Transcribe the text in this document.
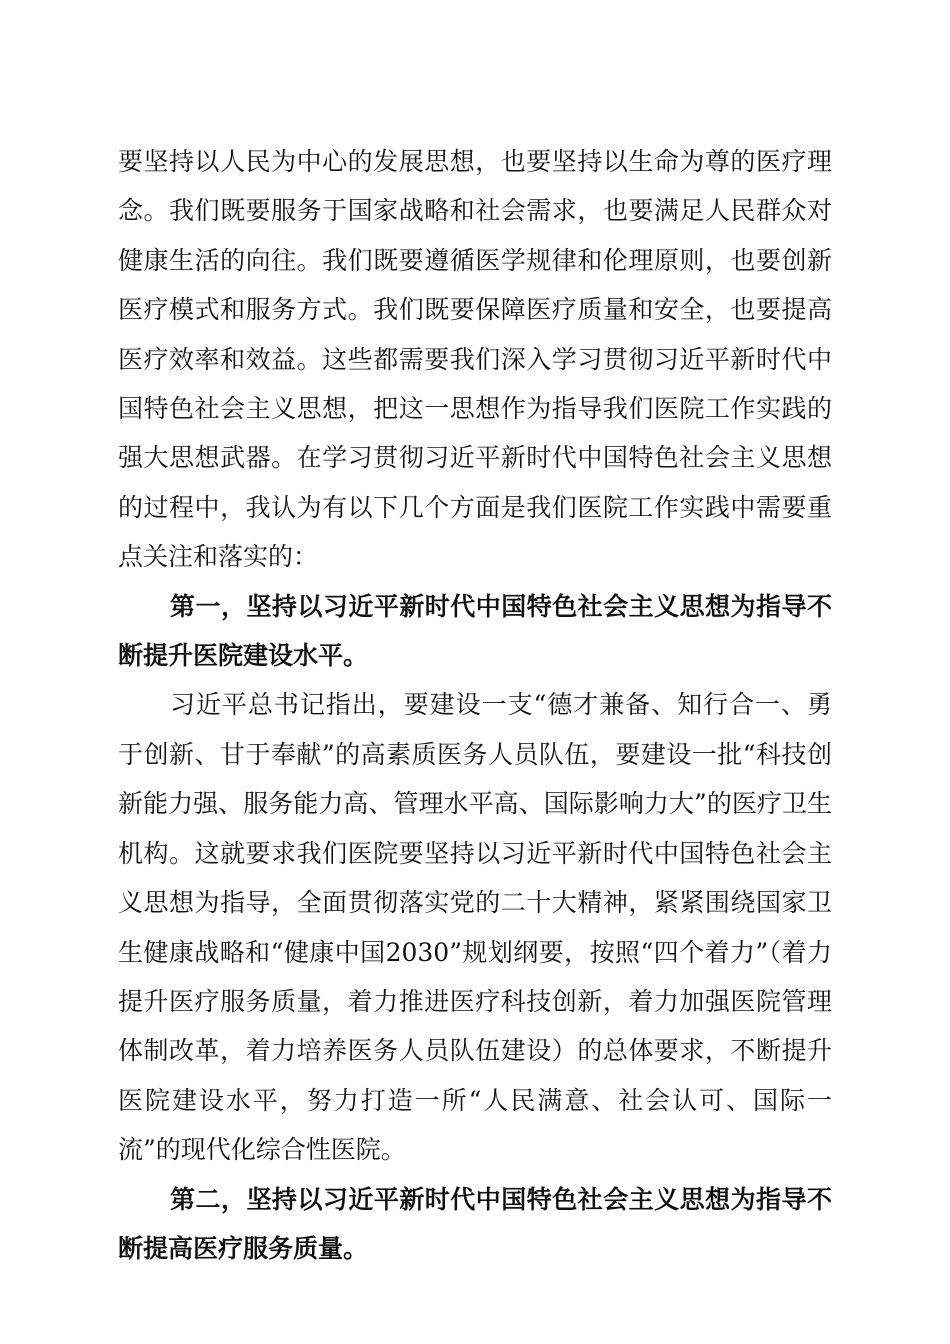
要坚持以人民为中心的发展思想，也要坚持以生命为尊的医疗理念。我们既要服务于国家战略和社会需求，也要满足人民群众对健康生活的向往。我们既要遵循医学规律和伦理原则，也要创新医疗模式和服务方式。我们既要保障医疗质量和安全，也要提高医疗效率和效益。这些都需要我们深入学习贯彻习近平新时代中国特色社会主义思想，把这一思想作为指导我们医院工作实践的强大思想武器。在学习贯彻习近平新时代中国特色社会主义思想的过程中，我认为有以下几个方面是我们医院工作实践中需要重点关注和落实的：

第一，坚持以习近平新时代中国特色社会主义思想为指导不断提升医院建设水平。

习近平总书记指出，要建设一支“德才兼备、知行合一、勇于创新、甘于奉献”的高素质医务人员队伍，要建设一批“科技创新能力强、服务能力高、管理水平高、国际影响力大”的医疗卫生机构。这就要求我们医院要坚持以习近平新时代中国特色社会主义思想为指导，全面贯彻落实党的二十大精神，紧紧围绕国家卫生健康战略和“健康中国2030”规划纲要，按照“四个着力”（着力提升医疗服务质量，着力推进医疗科技创新，着力加强医院管理体制改革，着力培养医务人员队伍建设）的总体要求，不断提升医院建设水平，努力打造一所“人民满意、社会认可、国际一流”的现代化综合性医院。

第二，坚持以习近平新时代中国特色社会主义思想为指导不断提高医疗服务质量。
